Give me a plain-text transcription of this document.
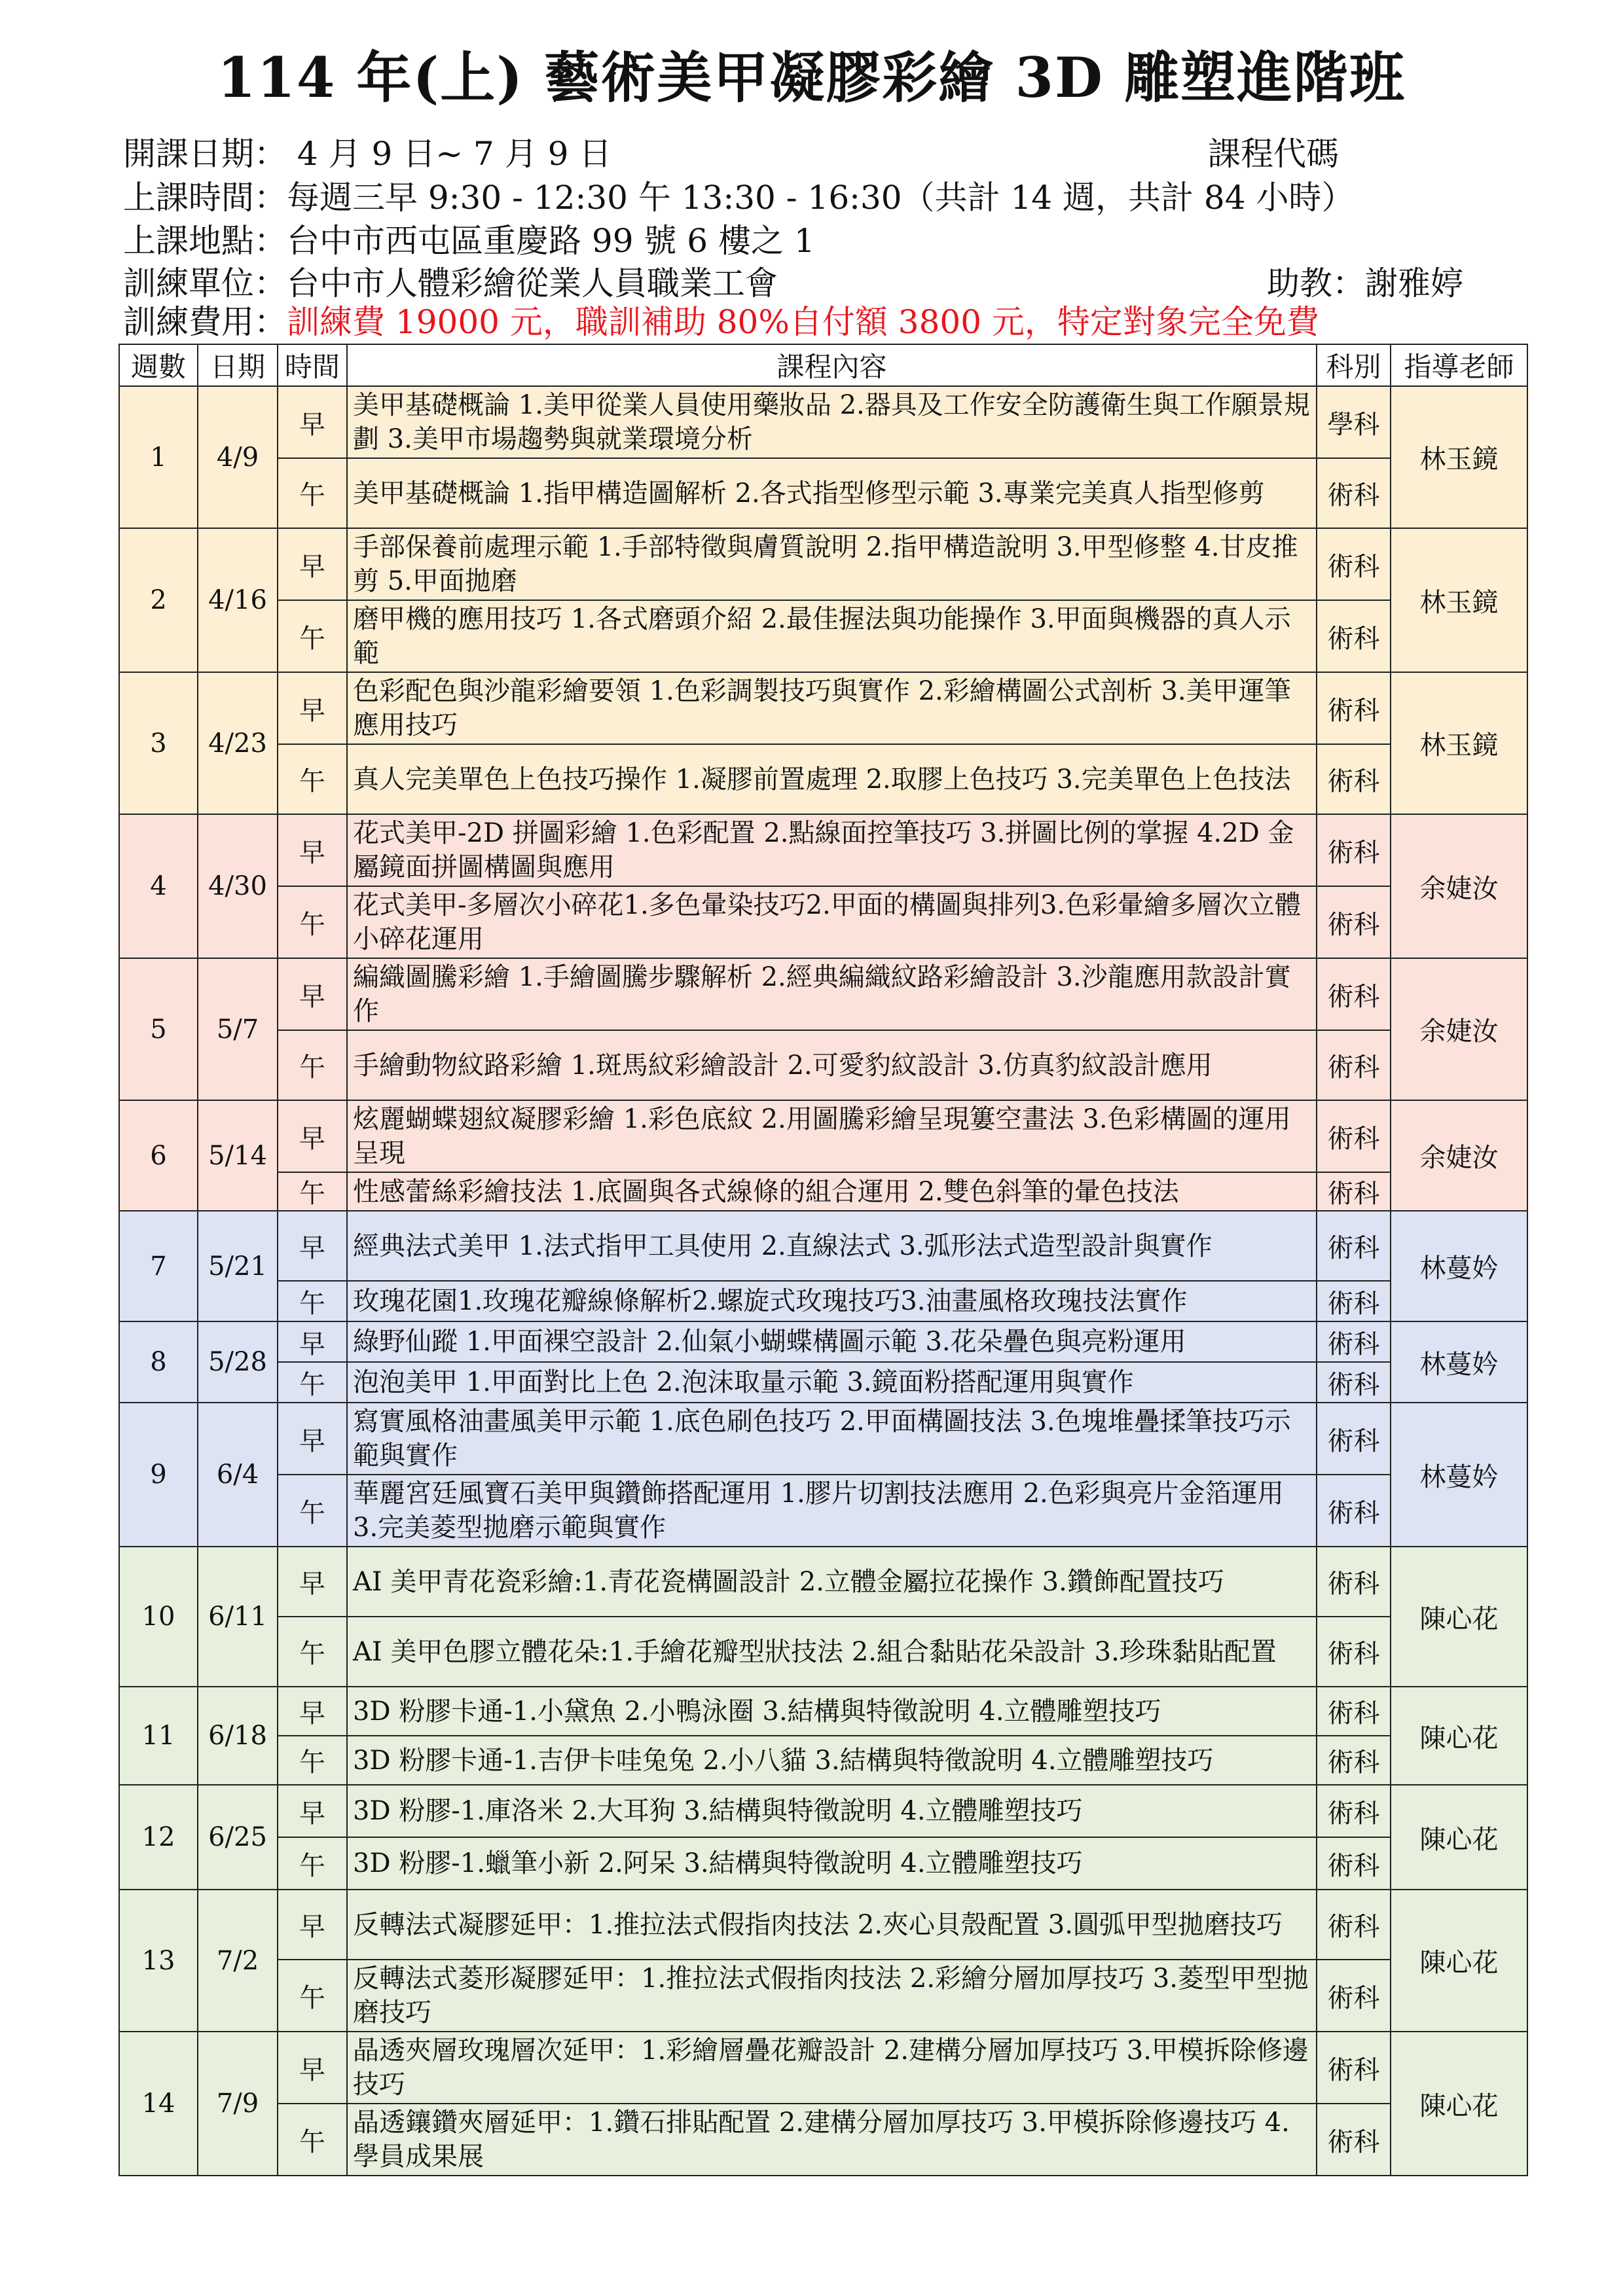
114 年(上) 藝術美甲凝膠彩繪 3D 雕塑進階班
開課日期： 4 月 9 日~ 7 月 9 日	課程代碼
上課時間：每週三早 9:30 - 12:30 午 13:30 - 16:30（共計 14 週，共計 84 小時）
上課地點：台中市西屯區重慶路 99 號 6 樓之 1
訓練單位：台中市人體彩繪從業人員職業工會	助教：謝雅婷
訓練費用：訓練費 19000 元，職訓補助 80%自付額 3800 元，特定對象完全免費
週數	日期	時間	課程內容	科別	指導老師
1	4/9	早	美甲基礎概論 1.美甲從業人員使用藥妝品 2.器具及工作安全防護衛生與工作願景規劃 3.美甲市場趨勢與就業環境分析	學科	林玉鏡
		午	美甲基礎概論 1.指甲構造圖解析 2.各式指型修型示範 3.專業完美真人指型修剪	術科	
2	4/16	早	手部保養前處理示範 1.手部特徵與膚質說明 2.指甲構造說明 3.甲型修整 4.甘皮推剪 5.甲面拋磨	術科	林玉鏡
		午	磨甲機的應用技巧 1.各式磨頭介紹 2.最佳握法與功能操作 3.甲面與機器的真人示範	術科	
3	4/23	早	色彩配色與沙龍彩繪要領 1.色彩調製技巧與實作 2.彩繪構圖公式剖析 3.美甲運筆應用技巧	術科	林玉鏡
		午	真人完美單色上色技巧操作 1.凝膠前置處理 2.取膠上色技巧 3.完美單色上色技法	術科	
4	4/30	早	花式美甲-2D 拼圖彩繪 1.色彩配置 2.點線面控筆技巧 3.拼圖比例的掌握 4.2D 金屬鏡面拼圖構圖與應用	術科	余婕汝
		午	花式美甲-多層次小碎花1.多色暈染技巧2.甲面的構圖與排列3.色彩暈繪多層次立體小碎花運用	術科	
5	5/7	早	編織圖騰彩繪 1.手繪圖騰步驟解析 2.經典編織紋路彩繪設計 3.沙龍應用款設計實作	術科	余婕汝
		午	手繪動物紋路彩繪 1.斑馬紋彩繪設計 2.可愛豹紋設計 3.仿真豹紋設計應用	術科	
6	5/14	早	炫麗蝴蝶翅紋凝膠彩繪 1.彩色底紋 2.用圖騰彩繪呈現簍空畫法 3.色彩構圖的運用呈現	術科	余婕汝
		午	性感蕾絲彩繪技法 1.底圖與各式線條的組合運用 2.雙色斜筆的暈色技法	術科	
7	5/21	早	經典法式美甲 1.法式指甲工具使用 2.直線法式 3.弧形法式造型設計與實作	術科	林蔓妗
		午	玫瑰花園1.玫瑰花瓣線條解析2.螺旋式玫瑰技巧3.油畫風格玫瑰技法實作	術科	
8	5/28	早	綠野仙蹤 1.甲面裸空設計 2.仙氣小蝴蝶構圖示範 3.花朵疊色與亮粉運用	術科	林蔓妗
		午	泡泡美甲 1.甲面對比上色 2.泡沫取量示範 3.鏡面粉搭配運用與實作	術科	
9	6/4	早	寫實風格油畫風美甲示範 1.底色刷色技巧 2.甲面構圖技法 3.色塊堆疊揉筆技巧示範與實作	術科	林蔓妗
		午	華麗宮廷風寶石美甲與鑽飾搭配運用 1.膠片切割技法應用 2.色彩與亮片金箔運用 3.完美菱型拋磨示範與實作	術科	
10	6/11	早	AI 美甲青花瓷彩繪:1.青花瓷構圖設計 2.立體金屬拉花操作 3.鑽飾配置技巧	術科	陳心花
		午	AI 美甲色膠立體花朵:1.手繪花瓣型狀技法 2.組合黏貼花朵設計 3.珍珠黏貼配置	術科	
11	6/18	早	3D 粉膠卡通-1.小黛魚 2.小鴨泳圈 3.結構與特徵說明 4.立體雕塑技巧	術科	陳心花
		午	3D 粉膠卡通-1.吉伊卡哇兔兔 2.小八貓 3.結構與特徵說明 4.立體雕塑技巧	術科	
12	6/25	早	3D 粉膠-1.庫洛米 2.大耳狗 3.結構與特徵說明 4.立體雕塑技巧	術科	陳心花
		午	3D 粉膠-1.蠟筆小新 2.阿呆 3.結構與特徵說明 4.立體雕塑技巧	術科	
13	7/2	早	反轉法式凝膠延甲：1.推拉法式假指肉技法 2.夾心貝殼配置 3.圓弧甲型拋磨技巧	術科	陳心花
		午	反轉法式菱形凝膠延甲：1.推拉法式假指肉技法 2.彩繪分層加厚技巧 3.菱型甲型拋磨技巧	術科	
14	7/9	早	晶透夾層玫瑰層次延甲：1.彩繪層疊花瓣設計 2.建構分層加厚技巧 3.甲模拆除修邊技巧	術科	陳心花
		午	晶透鑲鑽夾層延甲：1.鑽石排貼配置 2.建構分層加厚技巧 3.甲模拆除修邊技巧 4.學員成果展	術科	
